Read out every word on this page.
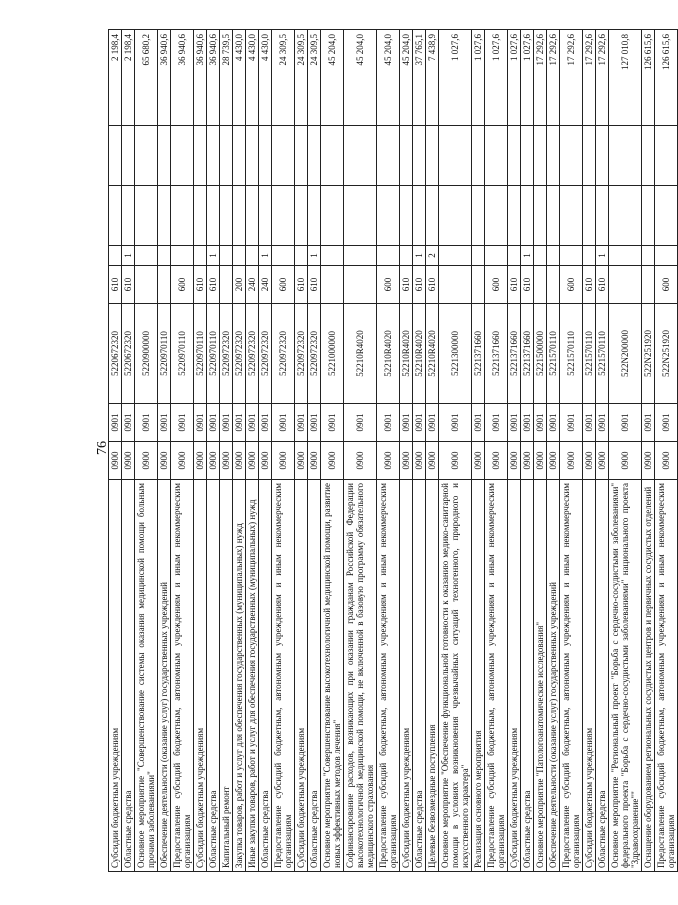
76
Субсидии бюджетным учреждениям	0900	0901	5220672320	610				2 198,4
Областные средства	0900	0901	5220672320	610	1			2 198,4
Основное мероприятие "Совершенствование системы оказания медицинской помощи больным прочими заболеваниями"	0900	0901	5220900000					65 680,2
Обеспечение деятельности (оказание услуг) государственных учреждений	0900	0901	5220970110					36 940,6
Предоставление субсидий бюджетным, автономным учреждениям и иным некоммерческим организациям	0900	0901	5220970110	600				36 940,6
Субсидии бюджетным учреждениям	0900	0901	5220970110	610				36 940,6
Областные средства	0900	0901	5220970110	610	1			36 940,6
Капитальный ремонт	0900	0901	5220972320					28 739,5
Закупка товаров, работ и услуг для обеспечения государственных (муниципальных) нужд	0900	0901	5220972320	200				4 430,0
Иные закупки товаров, работ и услуг для обеспечения государственных (муниципальных) нужд	0900	0901	5220972320	240				4 430,0
Областные средства	0900	0901	5220972320	240	1			4 430,0
Предоставление субсидий бюджетным, автономным учреждениям и иным некоммерческим организациям	0900	0901	5220972320	600				24 309,5
Субсидии бюджетным учреждениям	0900	0901	5220972320	610				24 309,5
Областные средства	0900	0901	5220972320	610	1			24 309,5
Основное мероприятие "Совершенствование высокотехнологичной медицинской помощи, развитие новых эффективных методов лечения"	0900	0901	5221000000					45 204,0
Софинансирование расходов, возникающих при оказании гражданам Российской Федерации высокотехнологичной медицинской помощи, не включенной в базовую программу обязательного медицинского страхования	0900	0901	52210R4020					45 204,0
Предоставление субсидий бюджетным, автономным учреждениям и иным некоммерческим организациям	0900	0901	52210R4020	600				45 204,0
Субсидии бюджетным учреждениям	0900	0901	52210R4020	610				45 204,0
Областные средства	0900	0901	52210R4020	610	1			37 765,1
Целевые безвозмездные поступления	0900	0901	52210R4020	610	2			7 438,9
Основное мероприятие "Обеспечение функциональной готовности к оказанию медико-санитарной помощи в условиях возникновения чрезвычайных ситуаций техногенного, природного и искусственного характера"	0900	0901	5221300000					1 027,6
Реализация основного мероприятия	0900	0901	5221371660					1 027,6
Предоставление субсидий бюджетным, автономным учреждениям и иным некоммерческим организациям	0900	0901	5221371660	600				1 027,6
Субсидии бюджетным учреждениям	0900	0901	5221371660	610				1 027,6
Областные средства	0900	0901	5221371660	610	1			1 027,6
Основное мероприятие "Патологоанатомические исследования"	0900	0901	5221500000					17 292,6
Обеспечение деятельности (оказание услуг) государственных учреждений	0900	0901	5221570110					17 292,6
Предоставление субсидий бюджетным, автономным учреждениям и иным некоммерческим организациям	0900	0901	5221570110	600				17 292,6
Субсидии бюджетным учреждениям	0900	0901	5221570110	610				17 292,6
Областные средства	0900	0901	5221570110	610	1			17 292,6
Основное мероприятие "Региональный проект "Борьба с сердечно-сосудистыми заболеваниями" федерального проекта "Борьба с сердечно-сосудистыми заболеваниями" национального проекта "Здравоохранение""	0900	0901	522N200000					127 010,8
Оснащение оборудованием региональных сосудистых центров и первичных сосудистых отделений	0900	0901	522N251920					126 615,6
Предоставление субсидий бюджетным, автономным учреждениям и иным некоммерческим организациям	0900	0901	522N251920	600				126 615,6
